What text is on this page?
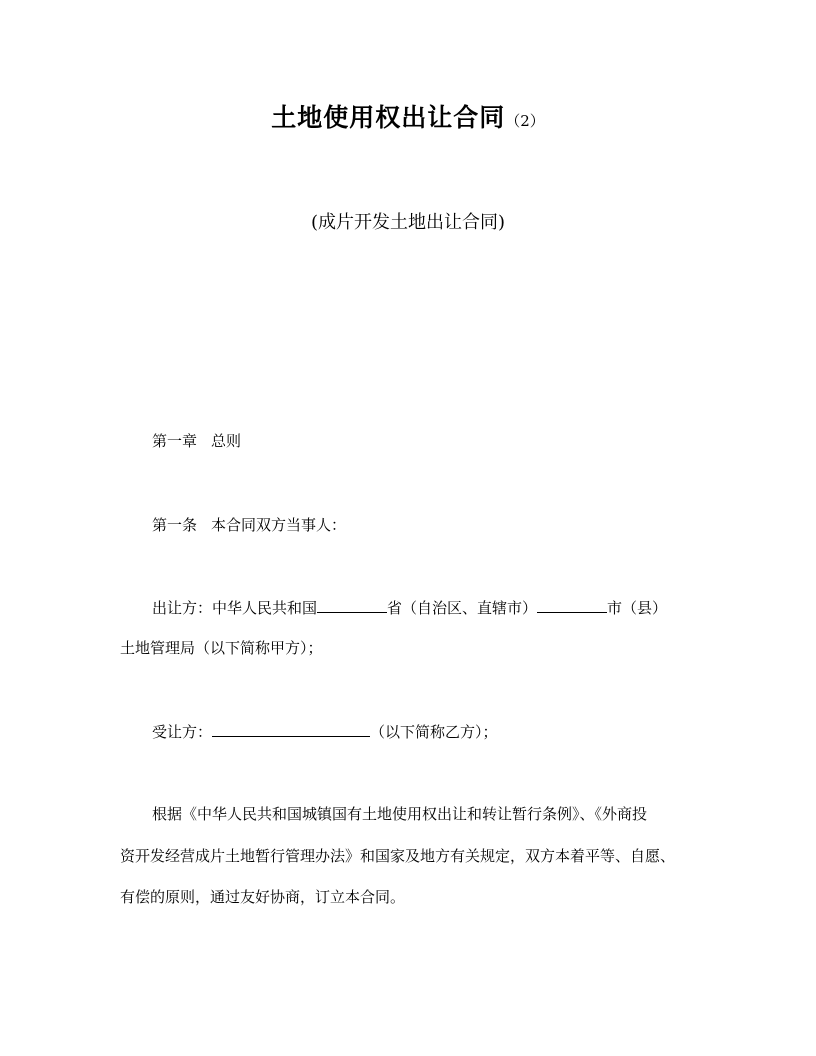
土地使用权出让合同（2）
(成片开发土地出让合同)
第一章 总则
第一条 本合同双方当事人：
出让方：中华人民共和国	省（自治区、直辖市）	市（县）
土地管理局（以下简称甲方）；
受让方：	（以下简称乙方）；
根据《中华人民共和国城镇国有土地使用权出让和转让暂行条例》、《外商投
资开发经营成片土地暂行管理办法》和国家及地方有关规定，双方本着平等、自愿、
有偿的原则，通过友好协商，订立本合同。
